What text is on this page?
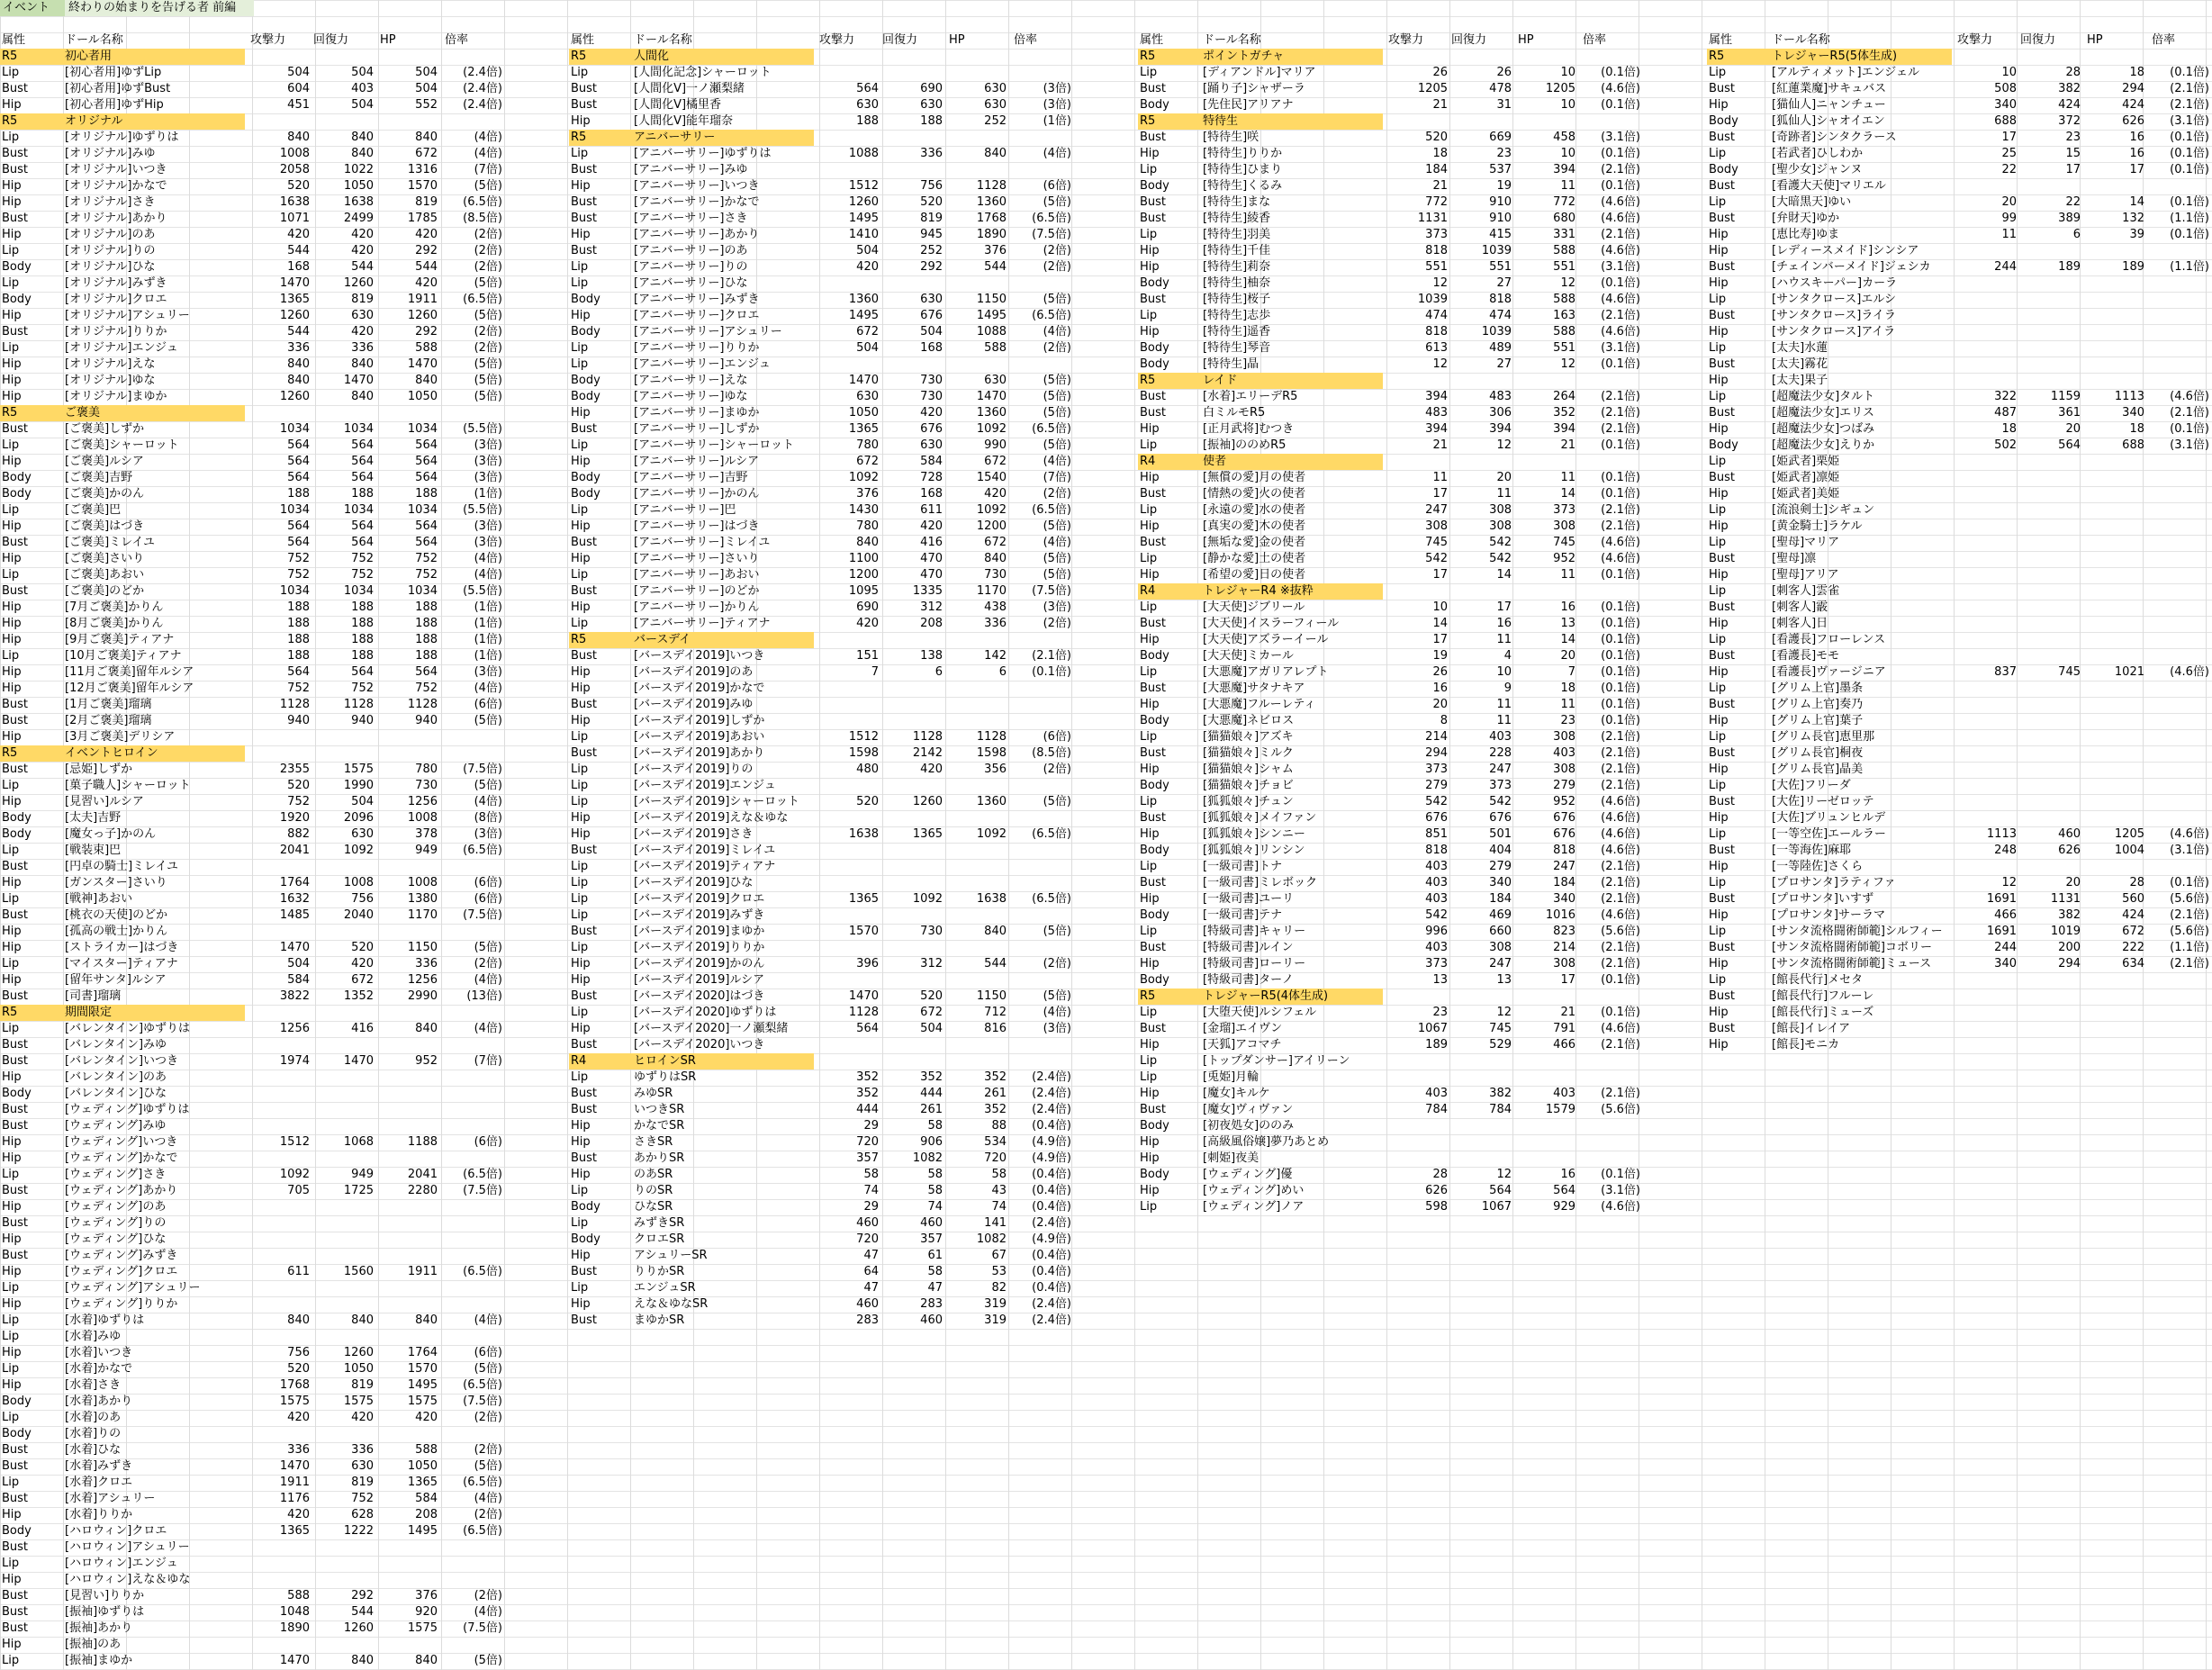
イベント	終わりの始まりを告げる者 前編
属性	ドール名称	攻撃力	回復力	HP	倍率
R5	初心者用
Lip	[初心者用]ゆずLip	504	504	504	(2.4倍)
Bust	[初心者用]ゆずBust	604	403	504	(2.4倍)
Hip	[初心者用]ゆずHip	451	504	552	(2.4倍)
R5	オリジナル
Lip	[オリジナル]ゆずりは	840	840	840	(4倍)
Bust	[オリジナル]みゆ	1008	840	672	(4倍)
Bust	[オリジナル]いつき	2058	1022	1316	(7倍)
Hip	[オリジナル]かなで	520	1050	1570	(5倍)
Hip	[オリジナル]さき	1638	1638	819	(6.5倍)
Bust	[オリジナル]あかり	1071	2499	1785	(8.5倍)
Hip	[オリジナル]のあ	420	420	420	(2倍)
Lip	[オリジナル]りの	544	420	292	(2倍)
Body	[オリジナル]ひな	168	544	544	(2倍)
Lip	[オリジナル]みずき	1470	1260	420	(5倍)
Body	[オリジナル]クロエ	1365	819	1911	(6.5倍)
Hip	[オリジナル]アシュリー	1260	630	1260	(5倍)
Bust	[オリジナル]りりか	544	420	292	(2倍)
Lip	[オリジナル]エンジュ	336	336	588	(2倍)
Hip	[オリジナル]えな	840	840	1470	(5倍)
Hip	[オリジナル]ゆな	840	1470	840	(5倍)
Hip	[オリジナル]まゆか	1260	840	1050	(5倍)
R5	ご褒美
Bust	[ご褒美]しずか	1034	1034	1034	(5.5倍)
Lip	[ご褒美]シャーロット	564	564	564	(3倍)
Hip	[ご褒美]ルシア	564	564	564	(3倍)
Body	[ご褒美]吉野	564	564	564	(3倍)
Body	[ご褒美]かのん	188	188	188	(1倍)
Lip	[ご褒美]巴	1034	1034	1034	(5.5倍)
Hip	[ご褒美]はづき	564	564	564	(3倍)
Bust	[ご褒美]ミレイユ	564	564	564	(3倍)
Hip	[ご褒美]さいり	752	752	752	(4倍)
Lip	[ご褒美]あおい	752	752	752	(4倍)
Bust	[ご褒美]のどか	1034	1034	1034	(5.5倍)
Hip	[7月ご褒美]かりん	188	188	188	(1倍)
Hip	[8月ご褒美]かりん	188	188	188	(1倍)
Hip	[9月ご褒美]ティアナ	188	188	188	(1倍)
Lip	[10月ご褒美]ティアナ	188	188	188	(1倍)
Hip	[11月ご褒美]留年ルシア	564	564	564	(3倍)
Hip	[12月ご褒美]留年ルシア	752	752	752	(4倍)
Bust	[1月ご褒美]瑠璃	1128	1128	1128	(6倍)
Bust	[2月ご褒美]瑠璃	940	940	940	(5倍)
Hip	[3月ご褒美]デリシア
R5	イベントヒロイン
Bust	[忌姫]しずか	2355	1575	780	(7.5倍)
Lip	[菓子職人]シャーロット	520	1990	730	(5倍)
Hip	[見習い]ルシア	752	504	1256	(4倍)
Body	[太夫]吉野	1920	2096	1008	(8倍)
Body	[魔女っ子]かのん	882	630	378	(3倍)
Lip	[戦装束]巴	2041	1092	949	(6.5倍)
Bust	[円卓の騎士]ミレイユ
Hip	[ガンスター]さいり	1764	1008	1008	(6倍)
Lip	[戦神]あおい	1632	756	1380	(6倍)
Bust	[桃衣の天使]のどか	1485	2040	1170	(7.5倍)
Hip	[孤高の戦士]かりん
Hip	[ストライカー]はづき	1470	520	1150	(5倍)
Lip	[マイスター]ティアナ	504	420	336	(2倍)
Hip	[留年サンタ]ルシア	584	672	1256	(4倍)
Bust	[司書]瑠璃	3822	1352	2990	(13倍)
R5	期間限定
Lip	[バレンタイン]ゆずりは	1256	416	840	(4倍)
Bust	[バレンタイン]みゆ
Bust	[バレンタイン]いつき	1974	1470	952	(7倍)
Hip	[バレンタイン]のあ
Body	[バレンタイン]ひな
Bust	[ウェディング]ゆずりは
Bust	[ウェディング]みゆ
Hip	[ウェディング]いつき	1512	1068	1188	(6倍)
Hip	[ウェディング]かなで
Lip	[ウェディング]さき	1092	949	2041	(6.5倍)
Bust	[ウェディング]あかり	705	1725	2280	(7.5倍)
Hip	[ウェディング]のあ
Bust	[ウェディング]りの
Hip	[ウェディング]ひな
Bust	[ウェディング]みずき
Hip	[ウェディング]クロエ	611	1560	1911	(6.5倍)
Lip	[ウェディング]アシュリー
Hip	[ウェディング]りりか
Lip	[水着]ゆずりは	840	840	840	(4倍)
Lip	[水着]みゆ
Hip	[水着]いつき	756	1260	1764	(6倍)
Lip	[水着]かなで	520	1050	1570	(5倍)
Hip	[水着]さき	1768	819	1495	(6.5倍)
Body	[水着]あかり	1575	1575	1575	(7.5倍)
Lip	[水着]のあ	420	420	420	(2倍)
Body	[水着]りの
Bust	[水着]ひな	336	336	588	(2倍)
Bust	[水着]みずき	1470	630	1050	(5倍)
Lip	[水着]クロエ	1911	819	1365	(6.5倍)
Bust	[水着]アシュリー	1176	752	584	(4倍)
Hip	[水着]りりか	420	628	208	(2倍)
Body	[ハロウィン]クロエ	1365	1222	1495	(6.5倍)
Bust	[ハロウィン]アシュリー
Lip	[ハロウィン]エンジュ
Hip	[ハロウィン]えな＆ゆな
Bust	[見習い]りりか	588	292	376	(2倍)
Bust	[振袖]ゆずりは	1048	544	920	(4倍)
Bust	[振袖]あかり	1890	1260	1575	(7.5倍)
Hip	[振袖]のあ
Lip	[振袖]まゆか	1470	840	840	(5倍)
属性	ドール名称	攻撃力	回復力	HP	倍率
R5	人間化
Lip	[人間化記念]シャーロット
Bust	[人間化V]一ノ瀬梨緒	564	690	630	(3倍)
Bust	[人間化V]橘里香	630	630	630	(3倍)
Hip	[人間化V]能年瑠奈	188	188	252	(1倍)
R5	アニバーサリー
Lip	[アニバーサリー]ゆずりは	1088	336	840	(4倍)
Bust	[アニバーサリー]みゆ
Hip	[アニバーサリー]いつき	1512	756	1128	(6倍)
Bust	[アニバーサリー]かなで	1260	520	1360	(5倍)
Bust	[アニバーサリー]さき	1495	819	1768	(6.5倍)
Hip	[アニバーサリー]あかり	1410	945	1890	(7.5倍)
Bust	[アニバーサリー]のあ	504	252	376	(2倍)
Lip	[アニバーサリー]りの	420	292	544	(2倍)
Lip	[アニバーサリー]ひな
Body	[アニバーサリー]みずき	1360	630	1150	(5倍)
Hip	[アニバーサリー]クロエ	1495	676	1495	(6.5倍)
Body	[アニバーサリー]アシュリー	672	504	1088	(4倍)
Lip	[アニバーサリー]りりか	504	168	588	(2倍)
Lip	[アニバーサリー]エンジュ
Body	[アニバーサリー]えな	1470	730	630	(5倍)
Body	[アニバーサリー]ゆな	630	730	1470	(5倍)
Hip	[アニバーサリー]まゆか	1050	420	1360	(5倍)
Bust	[アニバーサリー]しずか	1365	676	1092	(6.5倍)
Lip	[アニバーサリー]シャーロット	780	630	990	(5倍)
Hip	[アニバーサリー]ルシア	672	584	672	(4倍)
Body	[アニバーサリー]吉野	1092	728	1540	(7倍)
Body	[アニバーサリー]かのん	376	168	420	(2倍)
Lip	[アニバーサリー]巴	1430	611	1092	(6.5倍)
Hip	[アニバーサリー]はづき	780	420	1200	(5倍)
Bust	[アニバーサリー]ミレイユ	840	416	672	(4倍)
Hip	[アニバーサリー]さいり	1100	470	840	(5倍)
Lip	[アニバーサリー]あおい	1200	470	730	(5倍)
Bust	[アニバーサリー]のどか	1095	1335	1170	(7.5倍)
Hip	[アニバーサリー]かりん	690	312	438	(3倍)
Lip	[アニバーサリー]ティアナ	420	208	336	(2倍)
R5	バースデイ
Bust	[バースデイ2019]いつき	151	138	142	(2.1倍)
Hip	[バースデイ2019]のあ	7	6	6	(0.1倍)
Hip	[バースデイ2019]かなで
Bust	[バースデイ2019]みゆ
Hip	[バースデイ2019]しずか
Lip	[バースデイ2019]あおい	1512	1128	1128	(6倍)
Bust	[バースデイ2019]あかり	1598	2142	1598	(8.5倍)
Lip	[バースデイ2019]りの	480	420	356	(2倍)
Lip	[バースデイ2019]エンジュ
Lip	[バースデイ2019]シャーロット	520	1260	1360	(5倍)
Hip	[バースデイ2019]えな＆ゆな
Hip	[バースデイ2019]さき	1638	1365	1092	(6.5倍)
Bust	[バースデイ2019]ミレイユ
Lip	[バースデイ2019]ティアナ
Lip	[バースデイ2019]ひな
Lip	[バースデイ2019]クロエ	1365	1092	1638	(6.5倍)
Lip	[バースデイ2019]みずき
Bust	[バースデイ2019]まゆか	1570	730	840	(5倍)
Lip	[バースデイ2019]りりか
Hip	[バースデイ2019]かのん	396	312	544	(2倍)
Hip	[バースデイ2019]ルシア
Bust	[バースデイ2020]はづき	1470	520	1150	(5倍)
Lip	[バースデイ2020]ゆずりは	1128	672	712	(4倍)
Hip	[バースデイ2020]一ノ瀬梨緒	564	504	816	(3倍)
Bust	[バースデイ2020]いつき
R4	ヒロインSR
Lip	ゆずりはSR	352	352	352	(2.4倍)
Bust	みゆSR	352	444	261	(2.4倍)
Bust	いつきSR	444	261	352	(2.4倍)
Hip	かなでSR	29	58	88	(0.4倍)
Hip	さきSR	720	906	534	(4.9倍)
Bust	あかりSR	357	1082	720	(4.9倍)
Hip	のあSR	58	58	58	(0.4倍)
Lip	りのSR	74	58	43	(0.4倍)
Body	ひなSR	29	74	74	(0.4倍)
Lip	みずきSR	460	460	141	(2.4倍)
Body	クロエSR	720	357	1082	(4.9倍)
Hip	アシュリーSR	47	61	67	(0.4倍)
Bust	りりかSR	64	58	53	(0.4倍)
Lip	エンジュSR	47	47	82	(0.4倍)
Hip	えな＆ゆなSR	460	283	319	(2.4倍)
Bust	まゆかSR	283	460	319	(2.4倍)
属性	ドール名称	攻撃力	回復力	HP	倍率
R5	ポイントガチャ
Lip	[ディアンドル]マリア	26	26	10	(0.1倍)
Bust	[踊り子]シャザーラ	1205	478	1205	(4.6倍)
Body	[先住民]アリアナ	21	31	10	(0.1倍)
R5	特待生
Bust	[特待生]咲	520	669	458	(3.1倍)
Hip	[特待生]りりか	18	23	10	(0.1倍)
Lip	[特待生]ひまり	184	537	394	(2.1倍)
Body	[特待生]くるみ	21	19	11	(0.1倍)
Bust	[特待生]まな	772	910	772	(4.6倍)
Bust	[特待生]綾香	1131	910	680	(4.6倍)
Lip	[特待生]羽美	373	415	331	(2.1倍)
Hip	[特待生]千佳	818	1039	588	(4.6倍)
Hip	[特待生]莉奈	551	551	551	(3.1倍)
Body	[特待生]柚奈	12	27	12	(0.1倍)
Bust	[特待生]桜子	1039	818	588	(4.6倍)
Lip	[特待生]志歩	474	474	163	(2.1倍)
Hip	[特待生]遥香	818	1039	588	(4.6倍)
Body	[特待生]琴音	613	489	551	(3.1倍)
Body	[特待生]晶	12	27	12	(0.1倍)
R5	レイド
Bust	[水着]エリーデR5	394	483	264	(2.1倍)
Bust	白ミルモR5	483	306	352	(2.1倍)
Hip	[正月武将]むつき	394	394	394	(2.1倍)
Lip	[振袖]ののめR5	21	12	21	(0.1倍)
R4	使者
Hip	[無償の愛]月の使者	11	20	11	(0.1倍)
Bust	[情熱の愛]火の使者	17	11	14	(0.1倍)
Lip	[永遠の愛]水の使者	247	308	373	(2.1倍)
Hip	[真実の愛]木の使者	308	308	308	(2.1倍)
Bust	[無垢な愛]金の使者	745	542	745	(4.6倍)
Lip	[静かな愛]土の使者	542	542	952	(4.6倍)
Hip	[希望の愛]日の使者	17	14	11	(0.1倍)
R4	トレジャーR4 ※抜粋
Lip	[大天使]ジブリール	10	17	16	(0.1倍)
Bust	[大天使]イスラーフィール	14	16	13	(0.1倍)
Hip	[大天使]アズラーイール	17	11	14	(0.1倍)
Body	[大天使]ミカール	19	4	20	(0.1倍)
Lip	[大悪魔]アガリアレプト	26	10	7	(0.1倍)
Bust	[大悪魔]サタナキア	16	9	18	(0.1倍)
Hip	[大悪魔]フルーレティ	20	11	11	(0.1倍)
Body	[大悪魔]ネビロス	8	11	23	(0.1倍)
Lip	[猫猫娘々]アズキ	214	403	308	(2.1倍)
Bust	[猫猫娘々]ミルク	294	228	403	(2.1倍)
Hip	[猫猫娘々]シャム	373	247	308	(2.1倍)
Body	[猫猫娘々]チョビ	279	373	279	(2.1倍)
Lip	[狐狐娘々]チュン	542	542	952	(4.6倍)
Bust	[狐狐娘々]メイファン	676	676	676	(4.6倍)
Hip	[狐狐娘々]シンニー	851	501	676	(4.6倍)
Body	[狐狐娘々]リンシン	818	404	818	(4.6倍)
Lip	[一級司書]トナ	403	279	247	(2.1倍)
Bust	[一級司書]ミレボック	403	340	184	(2.1倍)
Hip	[一級司書]ユーリ	403	184	340	(2.1倍)
Body	[一級司書]テナ	542	469	1016	(4.6倍)
Lip	[特級司書]キャリー	996	660	823	(5.6倍)
Bust	[特級司書]ルイン	403	308	214	(2.1倍)
Hip	[特級司書]ローリー	373	247	308	(2.1倍)
Body	[特級司書]ターノ	13	13	17	(0.1倍)
R5	トレジャーR5(4体生成)
Lip	[大堕天使]ルシフェル	23	12	21	(0.1倍)
Bust	[金瑠]エイヴン	1067	745	791	(4.6倍)
Hip	[天狐]アコマチ	189	529	466	(2.1倍)
Lip	[トップダンサー]アイリーン
Lip	[兎姫]月輪
Hip	[魔女]キルケ	403	382	403	(2.1倍)
Bust	[魔女]ヴィヴァン	784	784	1579	(5.6倍)
Body	[初夜処女]ののみ
Hip	[高級風俗嬢]夢乃あとめ
Hip	[刺姫]夜美
Body	[ウェディング]優	28	12	16	(0.1倍)
Hip	[ウェディング]めい	626	564	564	(3.1倍)
Lip	[ウェディング]ノア	598	1067	929	(4.6倍)
属性	ドール名称	攻撃力	回復力	HP	倍率
R5	トレジャーR5(5体生成)
Lip	[アルティメット]エンジェル	10	28	18	(0.1倍)
Bust	[紅蓮業魔]サキュバス	508	382	294	(2.1倍)
Hip	[猫仙人]ニャンチュー	340	424	424	(2.1倍)
Body	[狐仙人]シャオイエン	688	372	626	(3.1倍)
Bust	[奇跡者]シンタクラース	17	23	16	(0.1倍)
Lip	[若武者]ひしわか	25	15	16	(0.1倍)
Body	[聖少女]ジャンヌ	22	17	17	(0.1倍)
Bust	[看護大天使]マリエル
Lip	[大暗黒天]ゆい	20	22	14	(0.1倍)
Bust	[弁財天]ゆか	99	389	132	(1.1倍)
Hip	[恵比寿]ゆま	11	6	39	(0.1倍)
Hip	[レディースメイド]シンシア
Bust	[チェインバーメイド]ジェシカ	244	189	189	(1.1倍)
Hip	[ハウスキーパー]カーラ
Lip	[サンタクロース]エルシ
Bust	[サンタクロース]ライラ
Hip	[サンタクロース]アイラ
Lip	[太夫]水蓮
Bust	[太夫]霧花
Hip	[太夫]果子
Lip	[超魔法少女]タルト	322	1159	1113	(4.6倍)
Bust	[超魔法少女]エリス	487	361	340	(2.1倍)
Hip	[超魔法少女]つばみ	18	20	18	(0.1倍)
Body	[超魔法少女]えりか	502	564	688	(3.1倍)
Lip	[姫武者]栗姫
Bust	[姫武者]凛姫
Hip	[姫武者]美姫
Lip	[流浪剣士]シギュン
Hip	[黄金騎士]ラケル
Lip	[聖母]マリア
Bust	[聖母]凛
Hip	[聖母]アリア
Lip	[刺客人]雲雀
Bust	[刺客人]霰
Hip	[刺客人]日
Lip	[看護長]フローレンス
Bust	[看護長]モモ
Hip	[看護長]ヴァージニア	837	745	1021	(4.6倍)
Lip	[グリム上官]墨条
Bust	[グリム上官]奏乃
Hip	[グリム上官]葉子
Lip	[グリム長官]恵里那
Bust	[グリム長官]桐夜
Hip	[グリム長官]晶美
Lip	[大佐]フリーダ
Bust	[大佐]リーゼロッテ
Hip	[大佐]ブリュンヒルデ
Lip	[一等空佐]エールラー	1113	460	1205	(4.6倍)
Bust	[一等海佐]麻耶	248	626	1004	(3.1倍)
Hip	[一等陸佐]さくら
Lip	[プロサンタ]ラティファ	12	20	28	(0.1倍)
Bust	[プロサンタ]いすず	1691	1131	560	(5.6倍)
Hip	[プロサンタ]サーラマ	466	382	424	(2.1倍)
Lip	[サンタ流格闘術師範]シルフィー	1691	1019	672	(5.6倍)
Bust	[サンタ流格闘術師範]コボリー	244	200	222	(1.1倍)
Hip	[サンタ流格闘術師範]ミュース	340	294	634	(2.1倍)
Lip	[館長代行]メセタ
Bust	[館長代行]フルーレ
Hip	[館長代行]ミューズ
Bust	[館長]イレイア
Hip	[館長]モニカ
